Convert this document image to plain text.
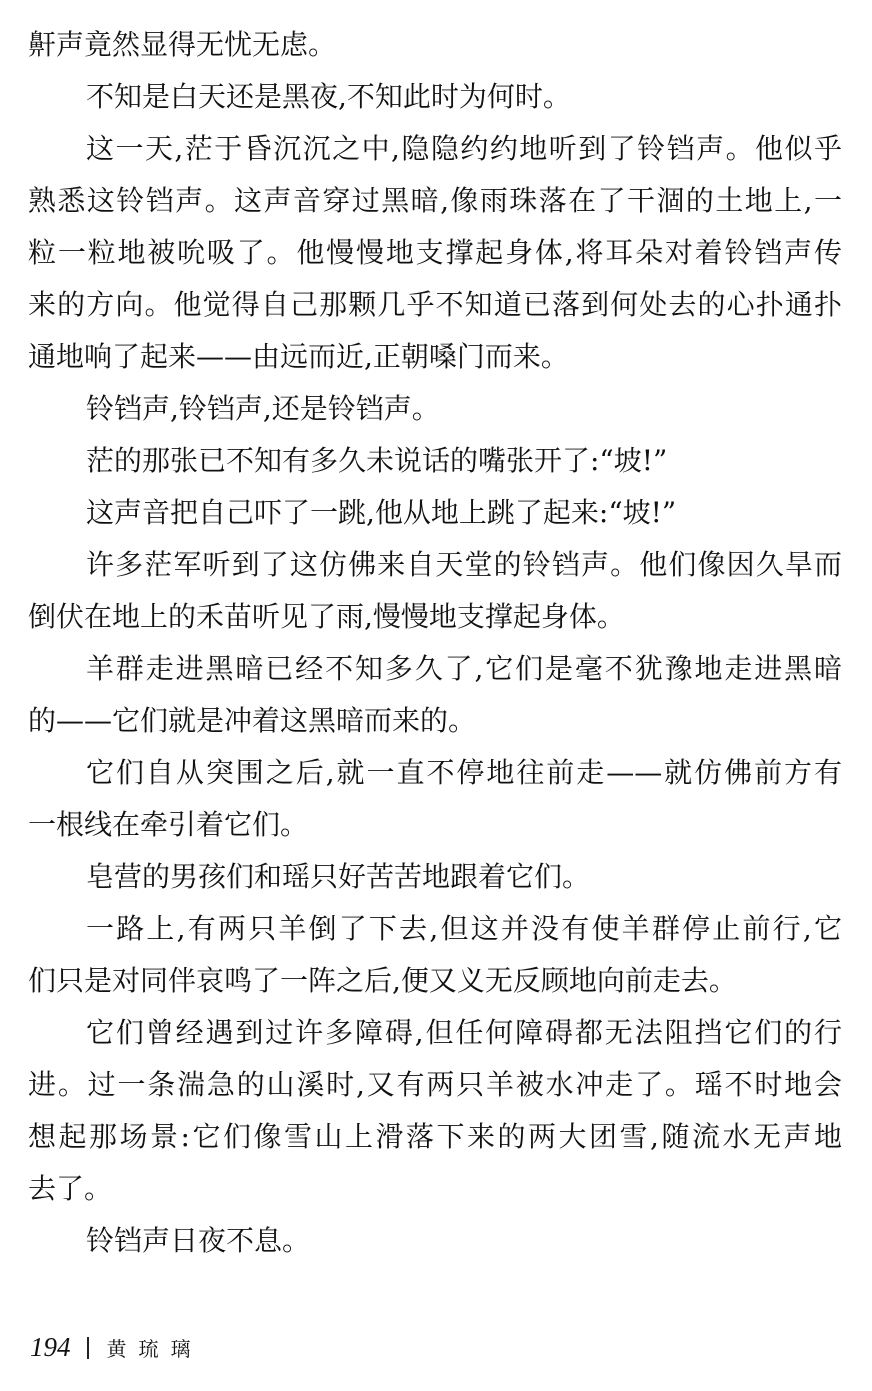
鼾声竟然显得无忧无虑。
不知是白天还是黑夜,不知此时为何时。
这一天,茫于昏沉沉之中,隐隐约约地听到了铃铛声。他似乎
熟悉这铃铛声。这声音穿过黑暗,像雨珠落在了干涸的土地上,一
粒一粒地被吮吸了。他慢慢地支撑起身体,将耳朵对着铃铛声传
来的方向。他觉得自己那颗几乎不知道已落到何处去的心扑通扑
通地响了起来——由远而近,正朝嗓门而来。
铃铛声,铃铛声,还是铃铛声。
茫的那张已不知有多久未说话的嘴张开了:“坡!”
这声音把自己吓了一跳,他从地上跳了起来:“坡!”
许多茫军听到了这仿佛来自天堂的铃铛声。他们像因久旱而
倒伏在地上的禾苗听见了雨,慢慢地支撑起身体。
羊群走进黑暗已经不知多久了,它们是毫不犹豫地走进黑暗
的——它们就是冲着这黑暗而来的。
它们自从突围之后,就一直不停地往前走——就仿佛前方有
一根线在牵引着它们。
皂营的男孩们和瑶只好苦苦地跟着它们。
一路上,有两只羊倒了下去,但这并没有使羊群停止前行,它
们只是对同伴哀鸣了一阵之后,便又义无反顾地向前走去。
它们曾经遇到过许多障碍,但任何障碍都无法阻挡它们的行
进。过一条湍急的山溪时,又有两只羊被水冲走了。瑶不时地会
想起那场景:它们像雪山上滑落下来的两大团雪,随流水无声地
去了。
铃铛声日夜不息。
194 黄琉璃
